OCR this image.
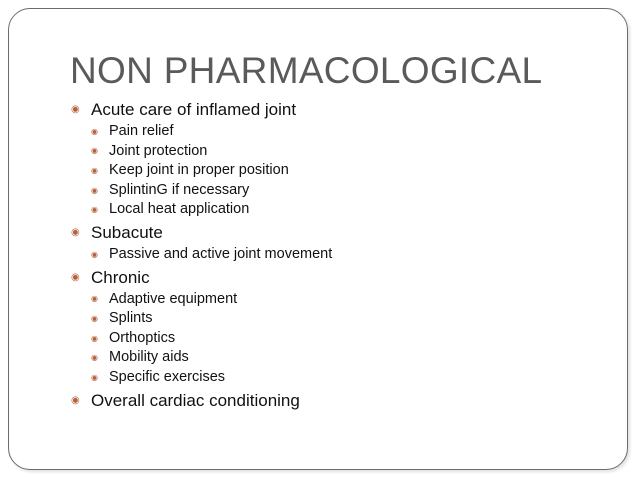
NON PHARMACOLOGICAL
◉ Acute care of inflamed joint
◉ Pain relief
◉ Joint protection
◉ Keep joint in proper position
◉ SplintinG if necessary
◉ Local heat application
◉ Subacute
◉ Passive and active joint movement
◉ Chronic
◉ Adaptive equipment
◉ Splints
◉ Orthoptics
◉ Mobility aids
◉ Specific exercises
◉ Overall cardiac conditioning
